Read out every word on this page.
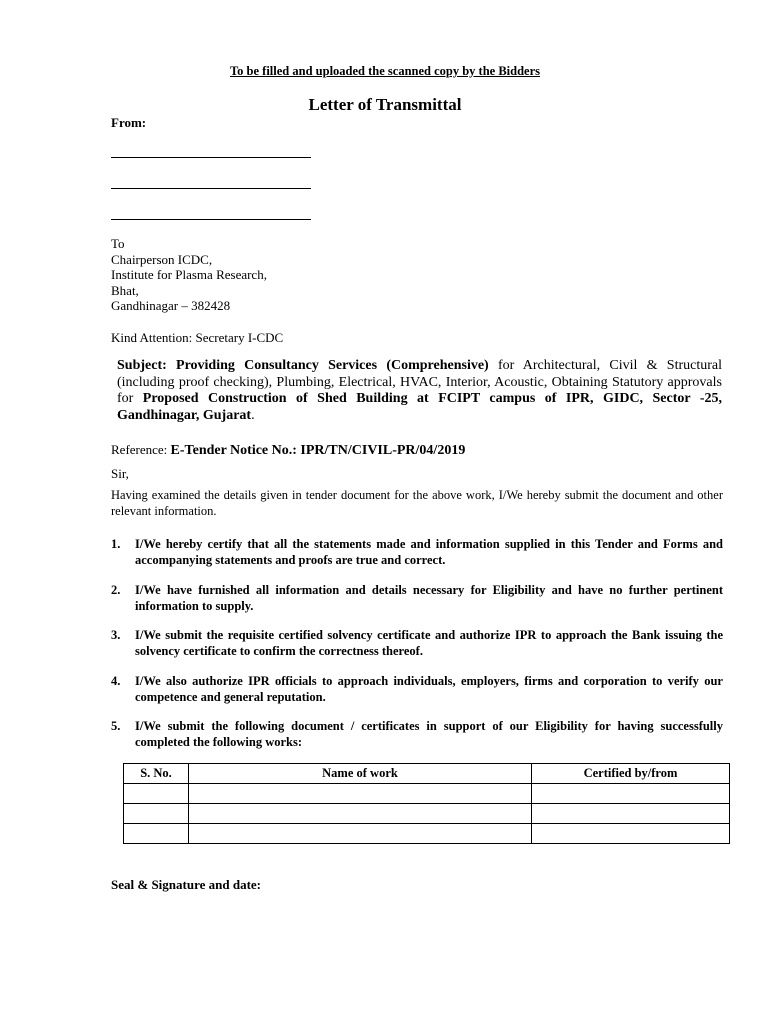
To be filled and uploaded the scanned copy by the Bidders
Letter of Transmittal
From:
To
Chairperson ICDC,
Institute for Plasma Research,
Bhat,
Gandhinagar – 382428
Kind Attention: Secretary I-CDC
Subject: Providing Consultancy Services (Comprehensive) for Architectural, Civil & Structural (including proof checking), Plumbing, Electrical, HVAC, Interior, Acoustic, Obtaining Statutory approvals for Proposed Construction of Shed Building at FCIPT campus of IPR, GIDC, Sector -25, Gandhinagar, Gujarat.
Reference: E-Tender Notice No.: IPR/TN/CIVIL-PR/04/2019
Sir,
Having examined the details given in tender document for the above work, I/We hereby submit the document and other relevant information.
1. I/We hereby certify that all the statements made and information supplied in this Tender and Forms and accompanying statements and proofs are true and correct.
2. I/We have furnished all information and details necessary for Eligibility and have no further pertinent information to supply.
3. I/We submit the requisite certified solvency certificate and authorize IPR to approach the Bank issuing the solvency certificate to confirm the correctness thereof.
4. I/We also authorize IPR officials to approach individuals, employers, firms and corporation to verify our competence and general reputation.
5. I/We submit the following document / certificates in support of our Eligibility for having successfully completed the following works:
S. No.	Name of work	Certified by/from

Seal & Signature and date:
